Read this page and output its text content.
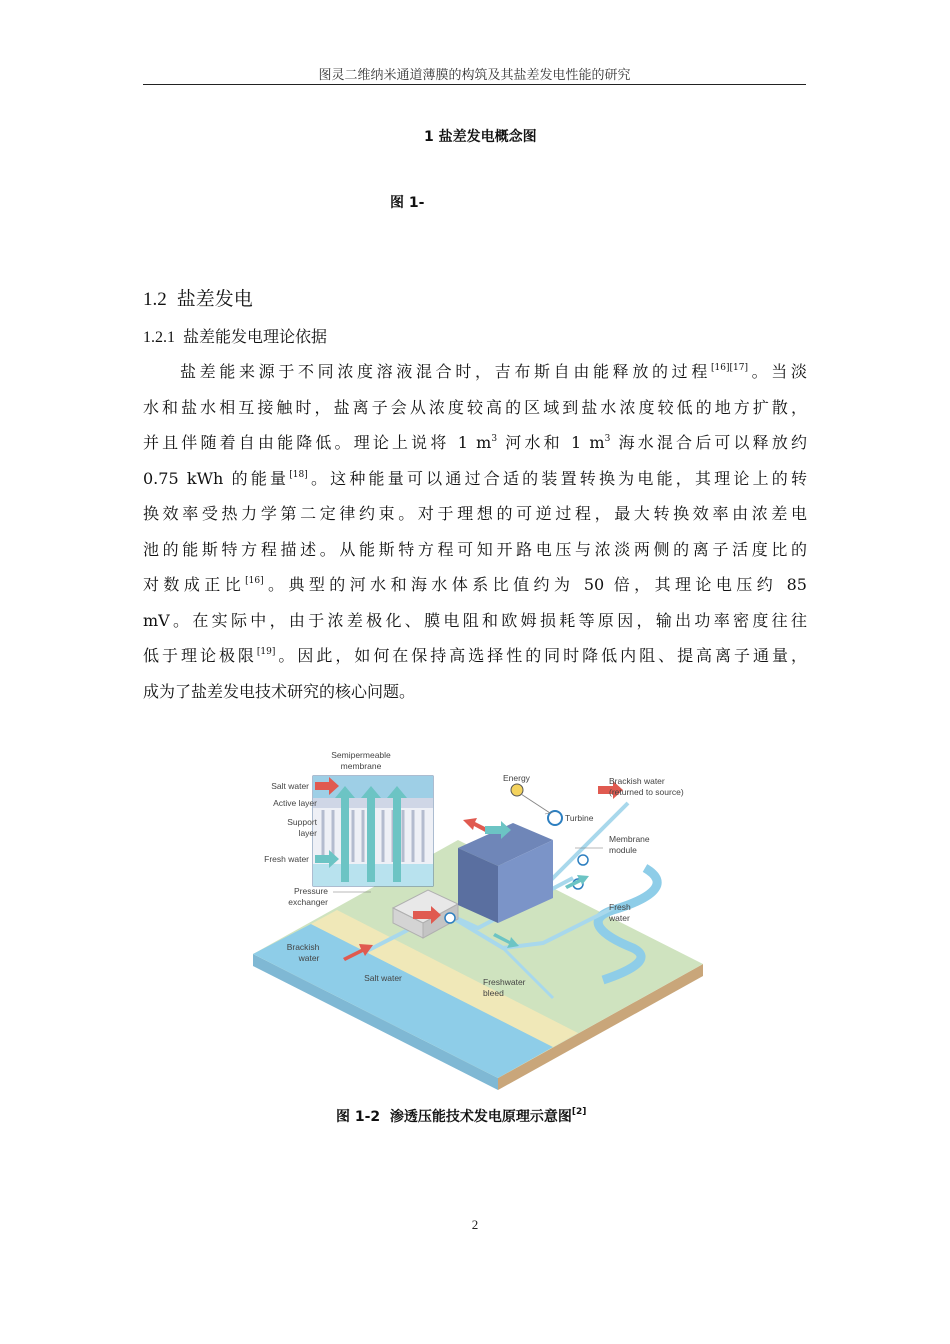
图灵二维纳米通道薄膜的构筑及其盐差发电性能的研究
1 盐差发电概念图
图 1-
1.2 盐差发电
1.2.1 盐差能发电理论依据
盐差能来源于不同浓度溶液混合时，吉布斯自由能释放的过程[16][17]。当淡
水和盐水相互接触时，盐离子会从浓度较高的区域到盐水浓度较低的地方扩散，
并且伴随着自由能降低。理论上说将 1 $m^3$ 河水和 1 $m^3$ 海水混合后可以释放约
0.75 kWh 的能量[18]。这种能量可以通过合适的装置转换为电能，其理论上的转
换效率受热力学第二定律约束。对于理想的可逆过程，最大转换效率由浓差电
池的能斯特方程描述。从能斯特方程可知开路电压与浓淡两侧的离子活度比的
对数成正比[16]。典型的河水和海水体系比值约为 50 倍，其理论电压约 85
mV。在实际中，由于浓差极化、膜电阻和欧姆损耗等原因，输出功率密度往往
低于理论极限[19]。因此，如何在保持高选择性的同时降低内阻、提高离子通量，
成为了盐差发电技术研究的核心问题。
Semipermeable
membrane
Salt water
Active layer
Support
layer
Fresh water
Energy	Brackish water
(returned to source)
Turbine
Membrane
module
Pressure
exchanger	Fresh
water
Brackish
water
Salt water	Freshwater
bleed
图 1-2 渗透压能技术发电原理示意图[2]
2
